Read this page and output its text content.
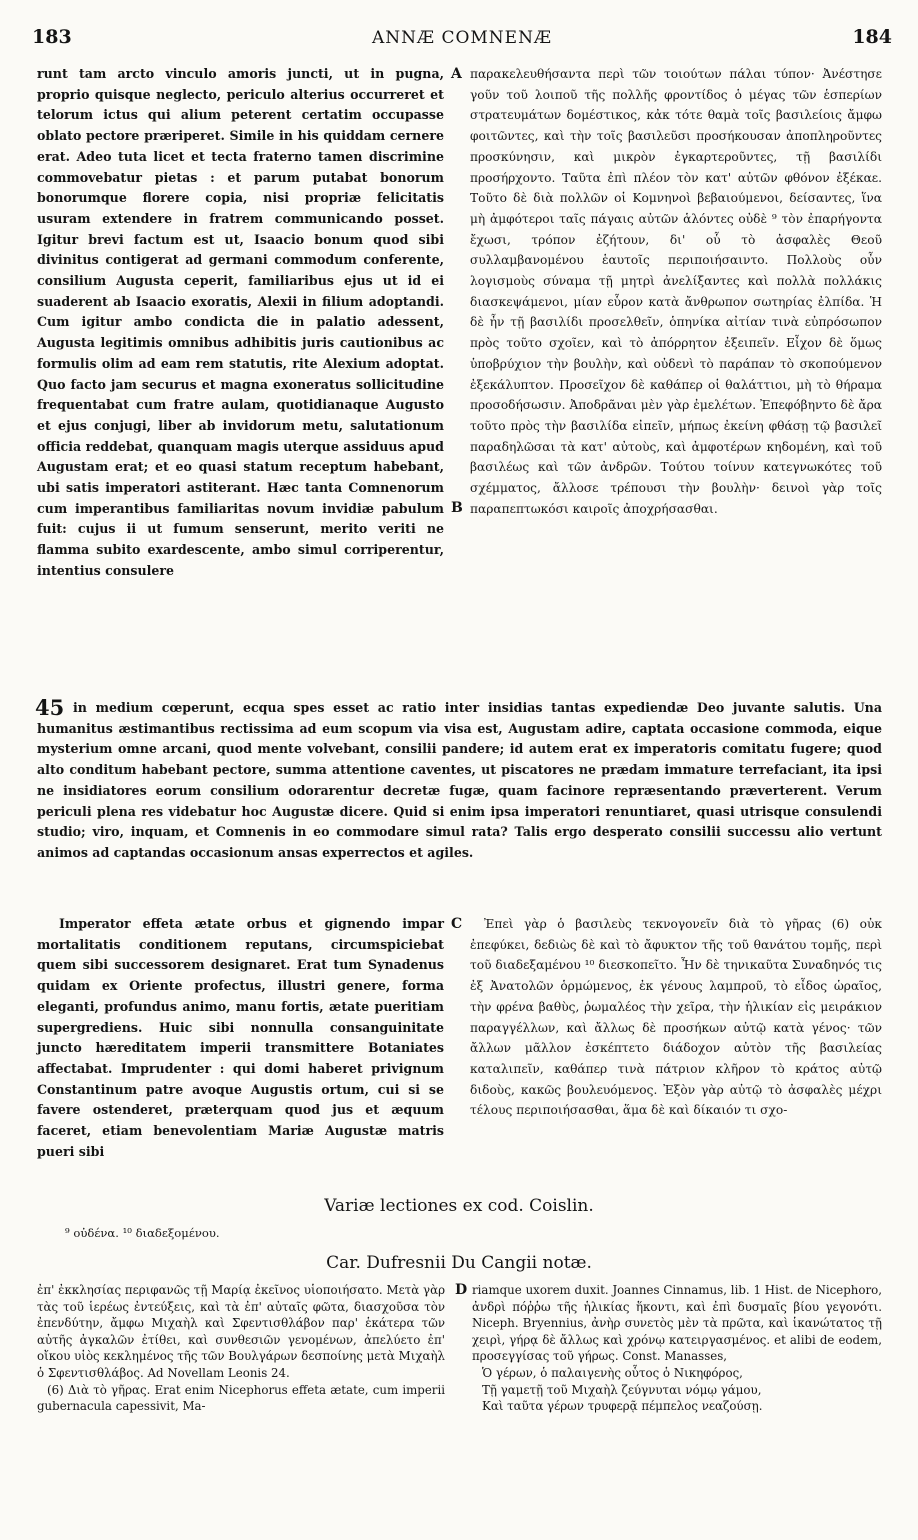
183	ANNÆ COMNENÆ	184

runt tam arcto vinculo amoris juncti, ut in pugna, proprio quisque neglecto, periculo alterius occurreret et telorum ictus qui alium peterent certatim occupasse oblato pectore præriperet. Simile in his quiddam cernere erat. Adeo tuta licet et tecta fraterno tamen discrimine commovebatur pietas : et parum putabat bonorum bonorumque florere copia, nisi propriæ felicitatis usuram extendere in fratrem communicando posset. Igitur brevi factum est ut, Isaacio bonum quod sibi divinitus contigerat ad germani commodum conferente, consilium Augusta ceperit, familiaribus ejus ut id ei suaderent ab Isaacio exoratis, Alexii in filium adoptandi. Cum igitur ambo condicta die in palatio adessent, Augusta legitimis omnibus adhibitis juris cautionibus ac formulis olim ad eam rem statutis, rite Alexium adoptat. Quo facto jam securus et magna exoneratus sollicitudine frequentabat cum fratre aulam, quotidianaque Augusto et ejus conjugi, liber ab invidorum metu, salutationum officia reddebat, quanquam magis uterque assiduus apud Augustam erat; et eo quasi statum receptum habebant, ubi satis imperatori astiterant. Hæc tanta Comnenorum cum imperantibus familiaritas novum invidiæ pabulum fuit: cujus ii ut fumum senserunt, merito veriti ne flamma subito exardescente, ambo simul corriperentur, intentius consulere

A
B

παρακελευθήσαντα περὶ τῶν τοιούτων πάλαι τύπον· Ἀνέστησε γοῦν τοῦ λοιποῦ τῆς πολλῆς φροντίδος ὁ μέγας τῶν ἑσπερίων στρατευμάτων δομέστικος, κἀκ τότε θαμὰ τοῖς βασιλείοις ἄμφω φοιτῶντες, καὶ τὴν τοῖς βασιλεῦσι προσήκουσαν ἀποπληροῦντες προσκύνησιν, καὶ μικρὸν ἐγκαρτεροῦντες, τῇ βασιλίδι προσήρχοντο. Ταῦτα ἐπὶ πλέον τὸν κατ' αὐτῶν φθόνον ἐξέκαε. Τοῦτο δὲ διὰ πολλῶν οἱ Κομνηνοὶ βεβαιούμενοι, δείσαντες, ἵνα μὴ ἀμφότεροι ταῖς πάγαις αὐτῶν ἁλόντες οὐδὲ ⁹ τὸν ἐπαρήγοντα ἔχωσι, τρόπον ἐζήτουν, δι' οὗ τὸ ἀσφαλὲς Θεοῦ συλλαμβανομένου ἑαυτοῖς περιποιήσαιντο. Πολλοὺς οὖν λογισμοὺς σύναμα τῇ μητρὶ ἀνελίξαντες καὶ πολλὰ πολλάκις διασκεψάμενοι, μίαν εὗρον κατὰ ἄνθρωπον σωτηρίας ἐλπίδα. Ἡ δὲ ἦν τῇ βασιλίδι προσελθεῖν, ὁπηνίκα αἰτίαν τινὰ εὐπρόσωπον πρὸς τοῦτο σχοῖεν, καὶ τὸ ἀπόρρητον ἐξειπεῖν. Εἶχον δὲ ὅμως ὑποβρύχιον τὴν βουλὴν, καὶ οὐδενὶ τὸ παράπαν τὸ σκοπούμενον ἐξεκάλυπτον. Προσεῖχον δὲ καθάπερ οἱ θαλάττιοι, μὴ τὸ θήραμα προσοδήσωσιν. Ἀποδρᾶναι μὲν γὰρ ἐμελέτων. Ἐπεφόβηντο δὲ ἄρα τοῦτο πρὸς τὴν βασιλίδα εἰπεῖν, μήπως ἐκείνη φθάσῃ τῷ βασιλεῖ παραδηλῶσαι τὰ κατ' αὐτοὺς, καὶ ἀμφοτέρων κηδομένη, καὶ τοῦ βασιλέως καὶ τῶν ἀνδρῶν. Τούτου τοίνυν κατεγνωκότες τοῦ σχέμματος, ἄλλοσε τρέπουσι τὴν βουλὴν· δεινοὶ γὰρ τοῖς παραπεπτωκόσι καιροῖς ἀποχρήσασθαι.

45 in medium cœperunt, ecqua spes esset ac ratio inter insidias tantas expediendæ Deo juvante salutis. Una humanitus æstimantibus rectissima ad eum scopum via visa est, Augustam adire, captata occasione commoda, eique mysterium omne arcani, quod mente volvebant, consilii pandere; id autem erat ex imperatoris comitatu fugere; quod alto conditum habebant pectore, summa attentione caventes, ut piscatores ne prædam immature terrefaciant, ita ipsi ne insidiatores eorum consilium odorarentur decretæ fugæ, quam facinore repræsentando præverterent. Verum periculi plena res videbatur hoc Augustæ dicere. Quid si enim ipsa imperatori renuntiaret, quasi utrisque consulendi studio; viro, inquam, et Comnenis in eo commodare simul rata? Talis ergo desperato consilii successu alio vertunt animos ad captandas occasionum ansas experrectos et agiles.

Imperator effeta ætate orbus et gignendo impar mortalitatis conditionem reputans, circumspiciebat quem sibi successorem designaret. Erat tum Synadenus quidam ex Oriente profectus, illustri genere, forma eleganti, profundus animo, manu fortis, ætate pueritiam supergrediens. Huic sibi nonnulla consanguinitate juncto hæreditatem imperii transmittere Botaniates affectabat. Imprudenter : qui domi haberet privignum Constantinum patre avoque Augustis ortum, cui si se favere ostenderet, præterquam quod jus et æquum faceret, etiam benevolentiam Mariæ Augustæ matris pueri sibi

C	Ἐπεὶ γὰρ ὁ βασιλεὺς τεκνογονεῖν διὰ τὸ γῆρας (6) οὐκ ἐπεφύκει, δεδιὼς δὲ καὶ τὸ ἄφυκτον τῆς τοῦ θανάτου τομῆς, περὶ τοῦ διαδεξαμένου ¹⁰ διεσκοπεῖτο. Ἦν δὲ τηνικαῦτα Συναδηνός τις ἐξ Ἀνατολῶν ὁρμώμενος, ἐκ γένους λαμπροῦ, τὸ εἶδος ὡραῖος, τὴν φρένα βαθὺς, ῥωμαλέος τὴν χεῖρα, τὴν ἡλικίαν εἰς μειράκιον παραγγέλλων, καὶ ἄλλως δὲ προσήκων αὐτῷ κατὰ γένος· τῶν ἄλλων μᾶλλον ἐσκέπτετο διάδοχον αὐτὸν τῆς βασιλείας καταλιπεῖν, καθάπερ τινὰ πάτριον κλῆρον τὸ κράτος αὐτῷ διδοὺς, κακῶς βουλευόμενος. Ἐξὸν γὰρ αὐτῷ τὸ ἀσφαλὲς μέχρι τέλους περιποιήσασθαι, ἅμα δὲ καὶ δίκαιόν τι σχο-

Variæ lectiones ex cod. Coislin.
⁹ οὐδένα. ¹⁰ διαδεξομένου.
Car. Dufresnii Du Cangii notæ.

ἐπ' ἐκκλησίας περιφανῶς τῇ Μαρίᾳ ἐκεῖνος υἱοποιήσατο. Μετὰ γὰρ τὰς τοῦ ἱερέως ἐντεύξεις, καὶ τὰ ἐπ' αὐταῖς φῶτα, διασχοῦσα τὸν ἐπενδύτην, ἄμφω Μιχαὴλ καὶ Σφεντισθλάβον παρ' ἑκάτερα τῶν αὐτῆς ἀγκαλῶν ἐτίθει, καὶ συνθεσιῶν γενομένων, ἀπελύετο ἐπ' οἴκου υἱὸς κεκλημένος τῆς τῶν Βουλγάρων δεσποίνης μετὰ Μιχαὴλ ὁ Σφεντισθλάβος. Ad Novellam Leonis 24.

(6) Διὰ τὸ γῆρας. Erat enim Nicephorus effeta ætate, cum imperii gubernacula capessivit, Ma-

D riamque uxorem duxit. Joannes Cinnamus, lib. 1 Hist. de Nicephoro, ἀνδρὶ πόῤῥω τῆς ἡλικίας ἥκοντι, καὶ ἐπὶ δυσμαῖς βίου γεγονότι. Niceph. Bryennius, ἀνὴρ συνετὸς μὲν τὰ πρῶτα, καὶ ἱκανώτατος τῇ χειρὶ, γήρᾳ δὲ ἄλλως καὶ χρόνῳ κατειργασμένος. et alibi de eodem, προσεγγίσας τοῦ γήρως. Const. Manasses,

Ὁ γέρων, ὁ παλαιγενὴς οὗτος ὁ Νικηφόρος,

Τῇ γαμετῇ τοῦ Μιχαὴλ ζεύγνυται νόμῳ γάμου,

Καὶ ταῦτα γέρων τρυφερᾷ πέμπελος νεαζούσῃ.
